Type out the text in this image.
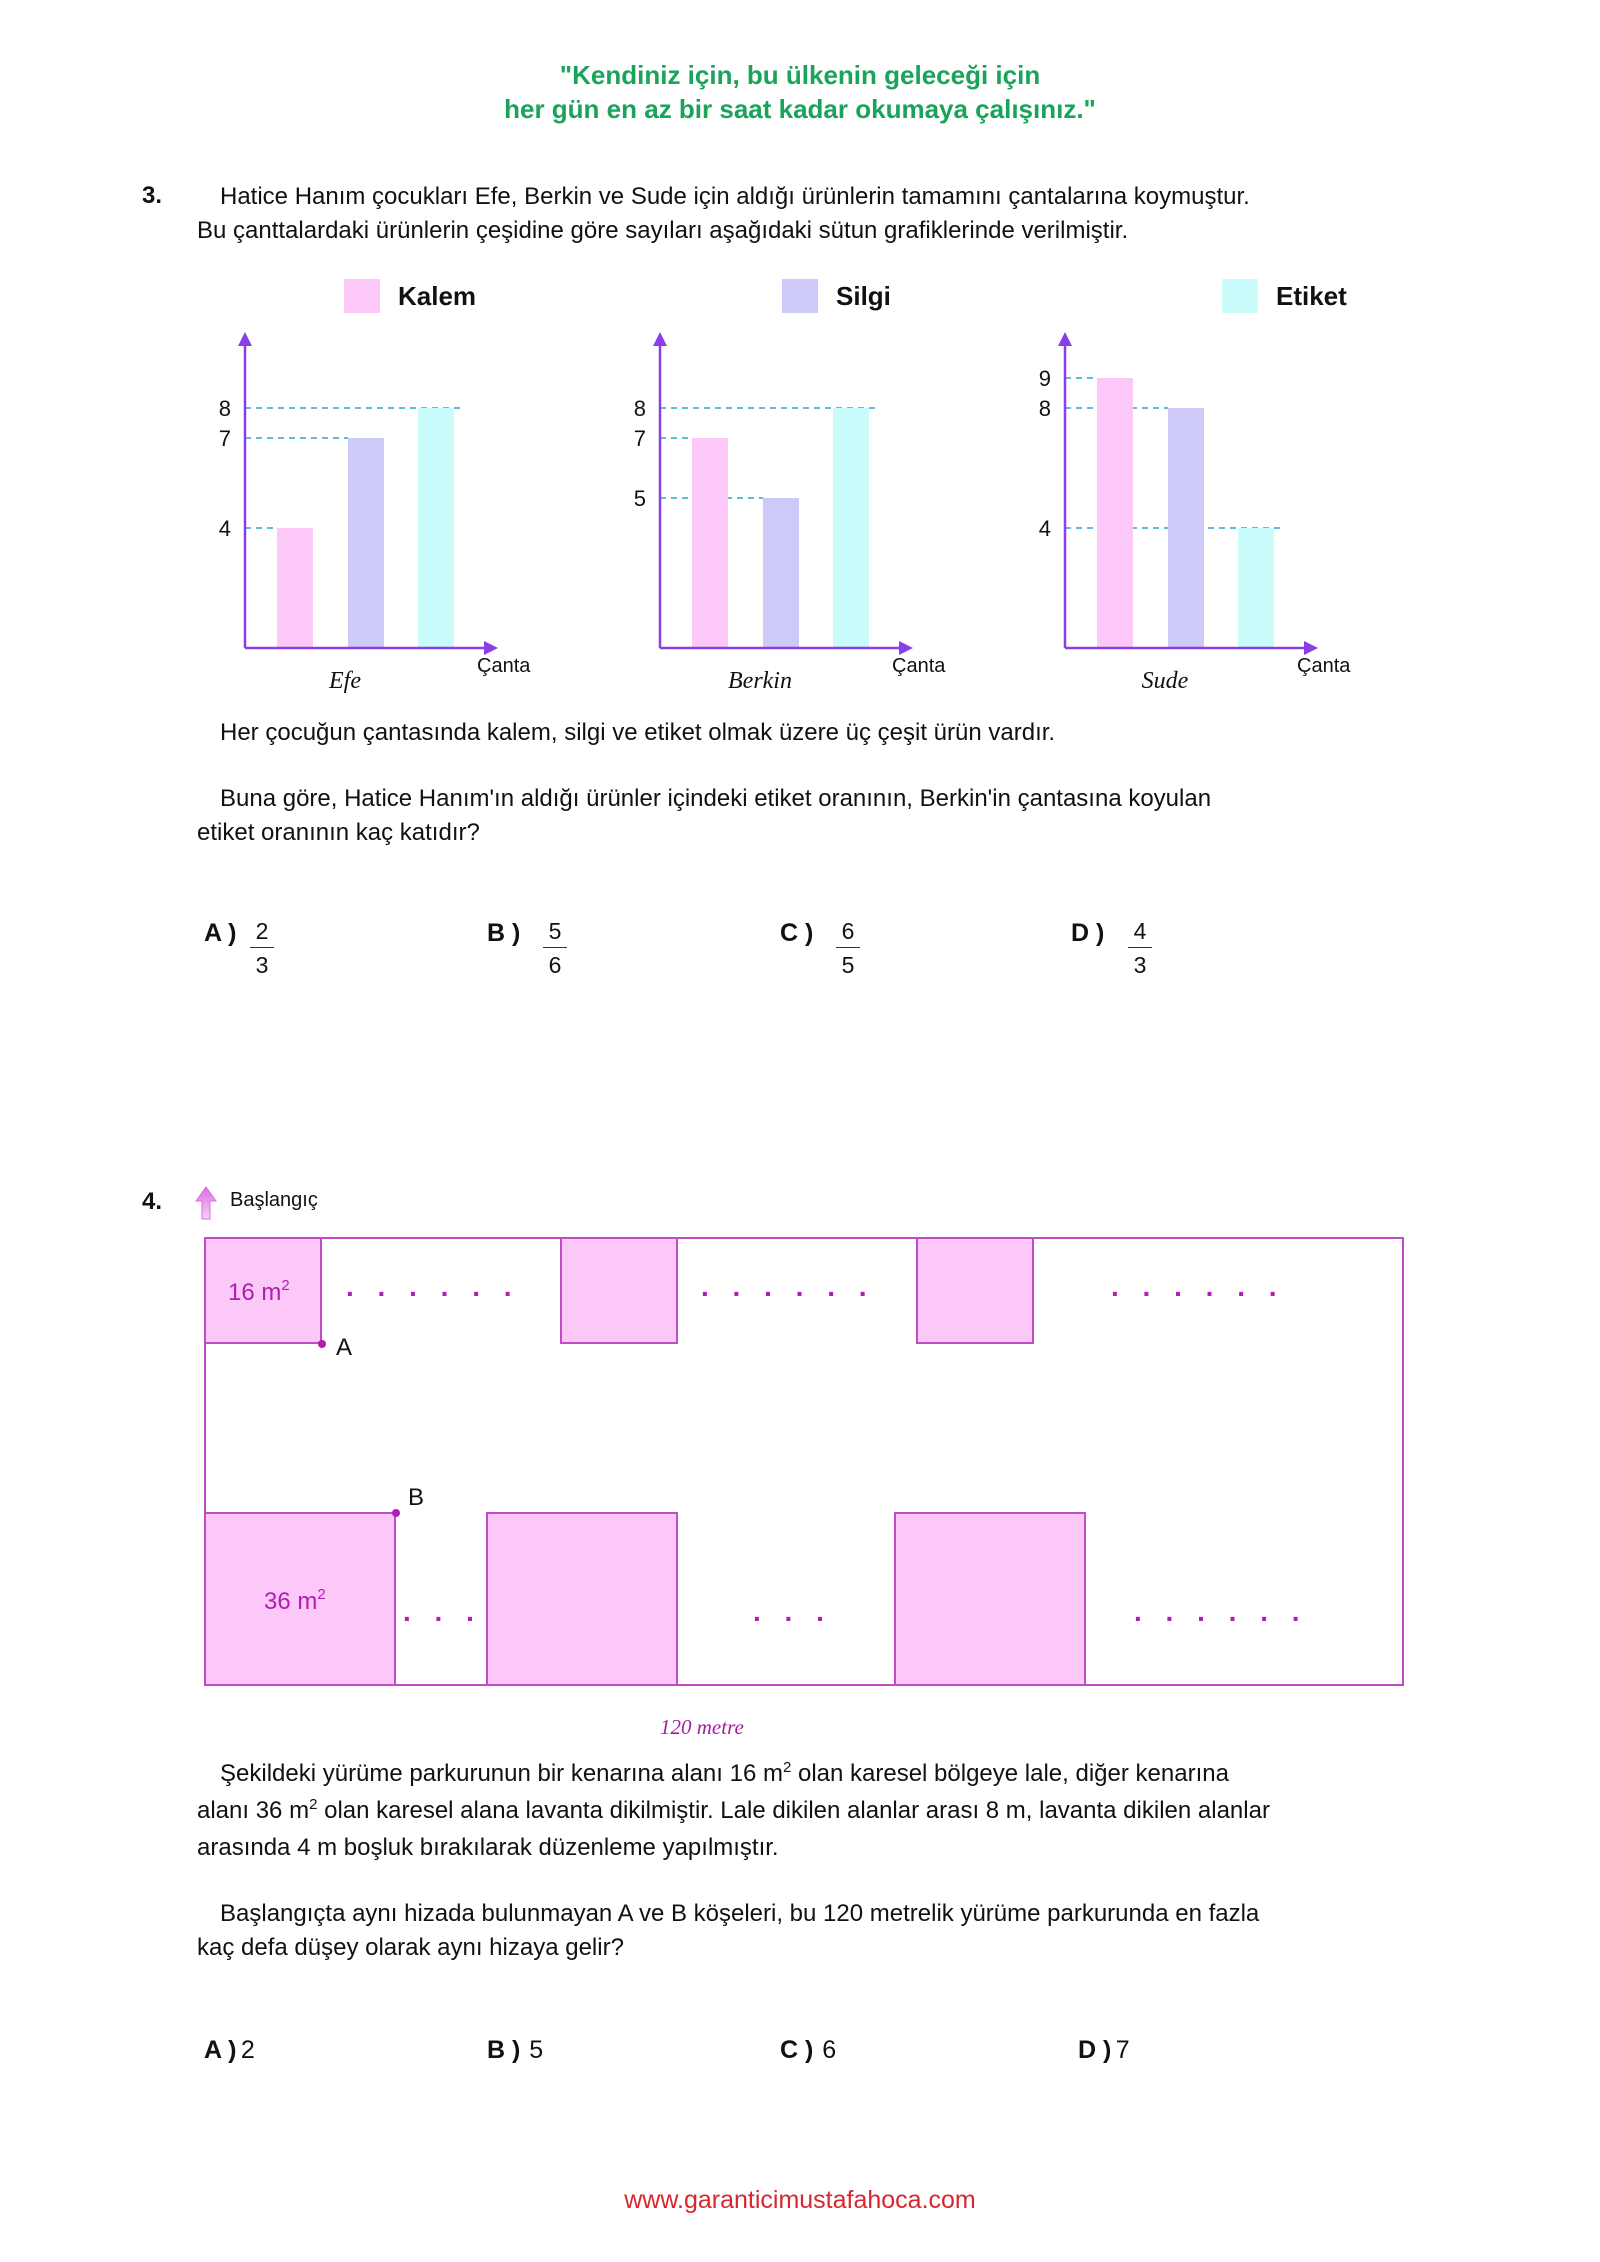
"Kendiniz için, bu ülkenin geleceği için
her gün en az bir saat kadar okumaya çalışınız."
3. Hatice Hanım çocukları Efe, Berkin ve Sude için aldığı ürünlerin tamamını çantalarına koymuştur.
Bu çanttalardaki ürünlerin çeşidine göre sayıları aşağıdaki sütun grafiklerinde verilmiştir.
Kalem	Silgi	Etiket
4
7
8
Çanta
Efe
5
7
8
Çanta
Berkin
4
8
9
Çanta
Sude
Her çocuğun çantasında kalem, silgi ve etiket olmak üzere üç çeşit ürün vardır.
Buna göre, Hatice Hanım'ın aldığı ürünler içindeki etiket oranının, Berkin'in çantasına koyulan
etiket oranının kaç katıdır?
A ) $\frac{2}{3}$	B ) $\frac{5}{6}$	C ) $\frac{6}{5}$	D ) $\frac{4}{3}$
4.	Başlangıç
16 $m^2$
36 $m^2$
A
B
. . . . . .	. . . . . .	. . . . . .
. . .	. . .	. . . . . .
120 metre
Şekildeki yürüme parkurunun bir kenarına alanı 16 $m^2$ olan karesel bölgeye lale, diğer kenarına
alanı 36 $m^2$ olan karesel alana lavanta dikilmiştir. Lale dikilen alanlar arası 8 m, lavanta dikilen alanlar
arasında 4 m boşluk bırakılarak düzenleme yapılmıştır.
Başlangıçta aynı hizada bulunmayan A ve B köşeleri, bu 120 metrelik yürüme parkurunda en fazla
kaç defa düşey olarak aynı hizaya gelir?
A ) 2	B ) 5	C ) 6	D ) 7
www.garanticimustafahoca.com
